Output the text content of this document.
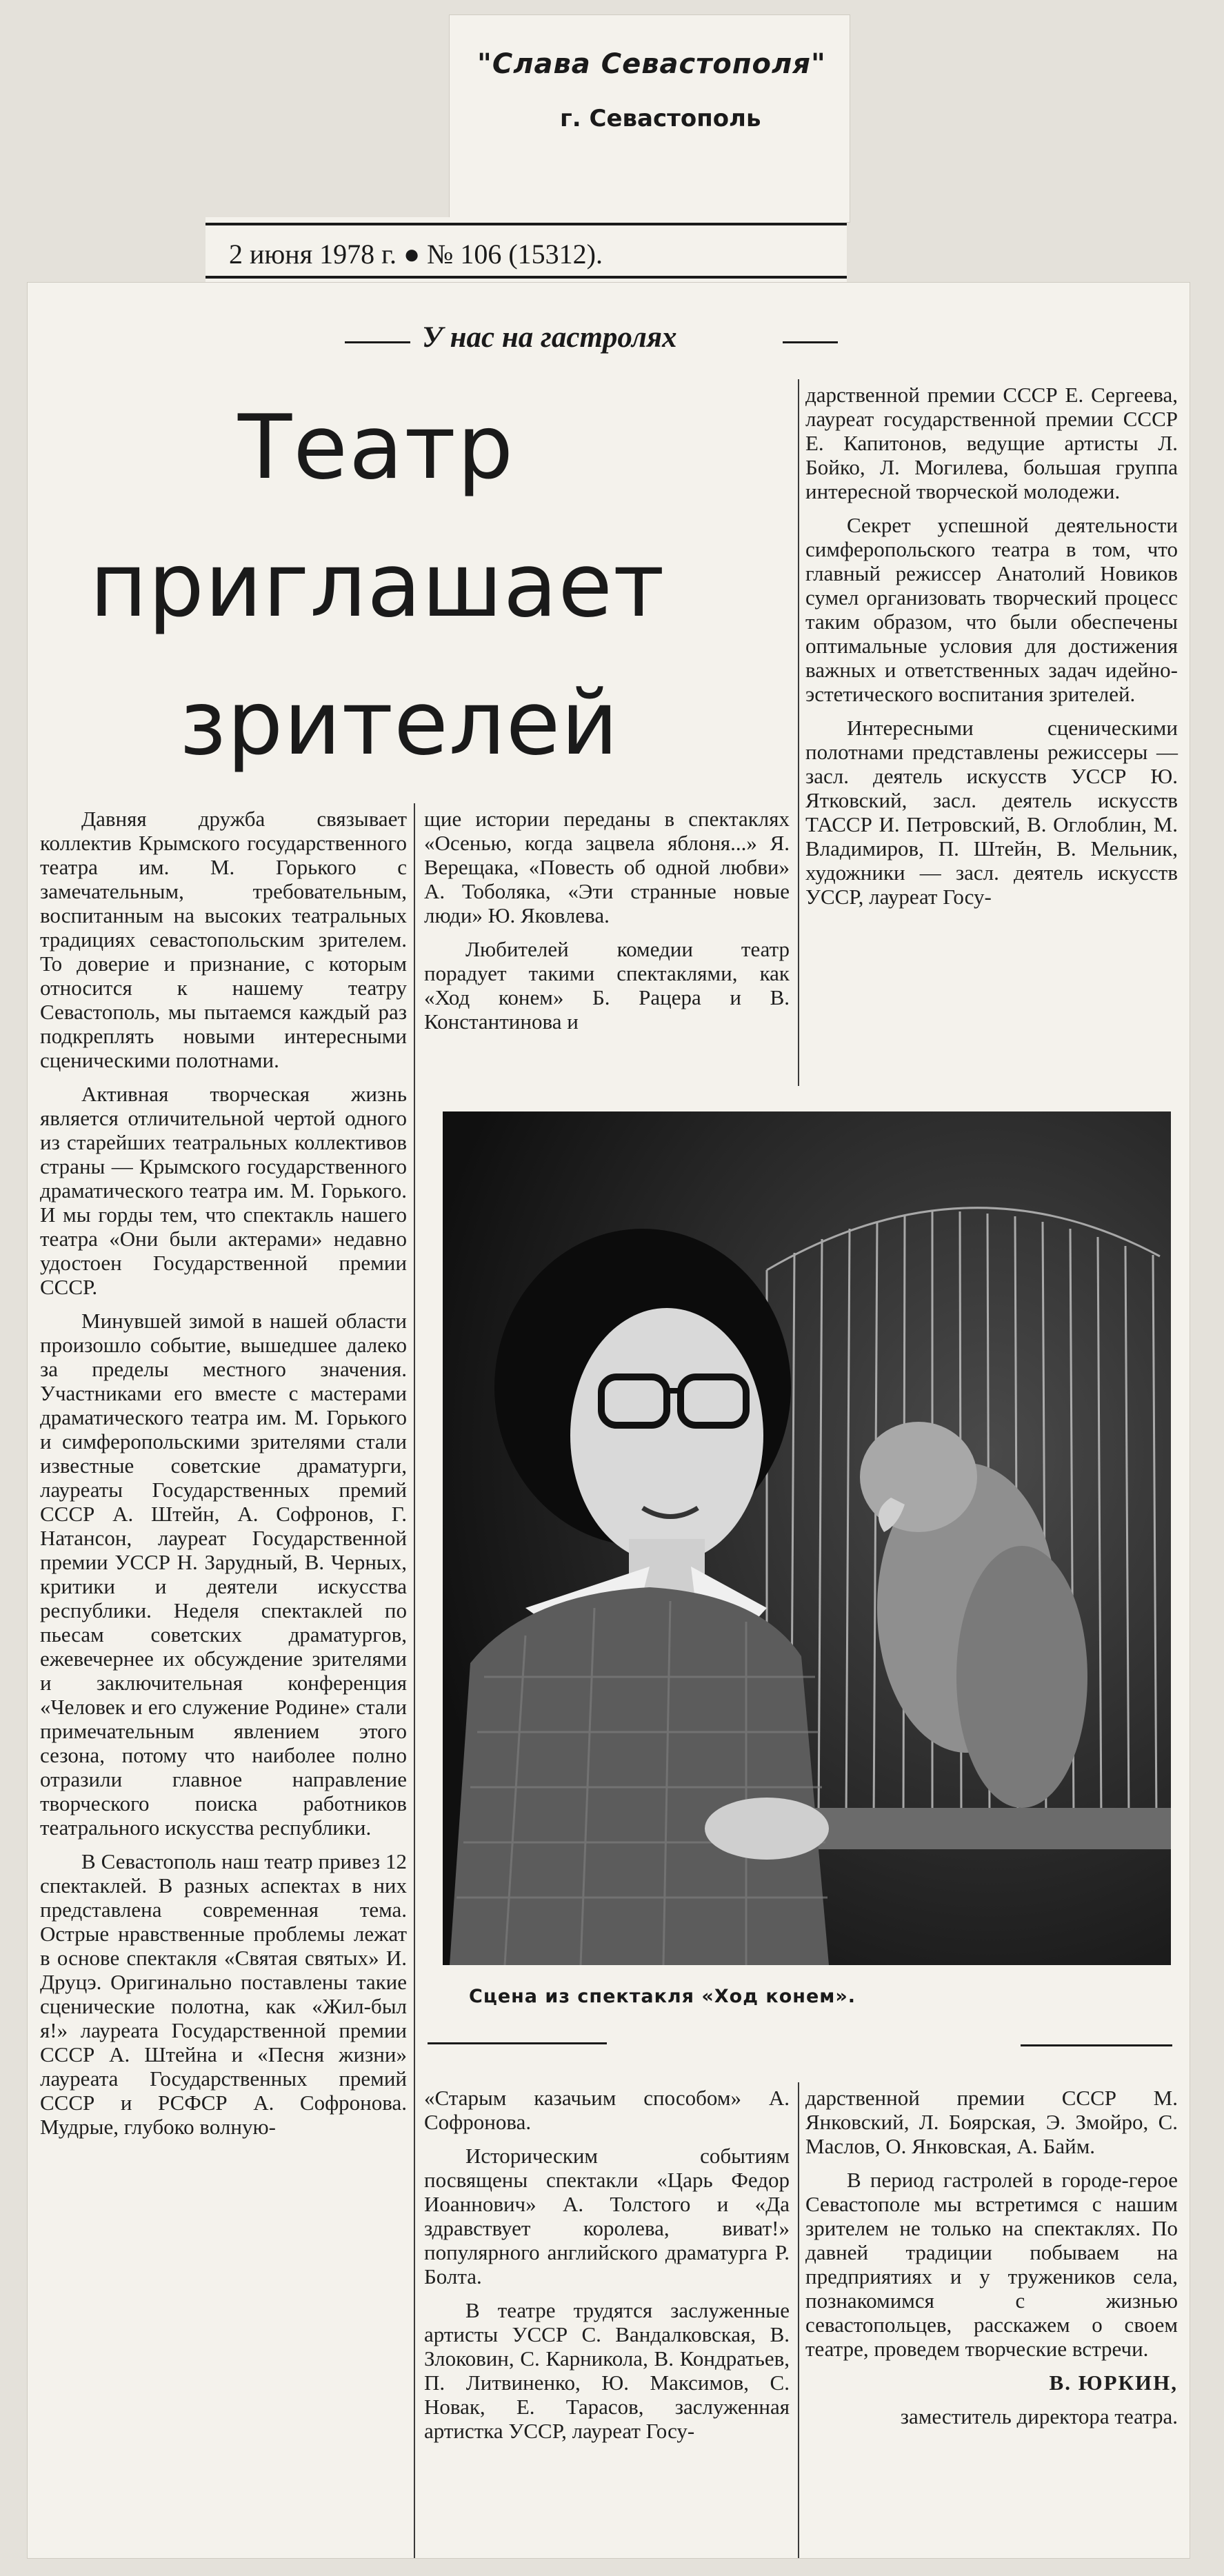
"Слава Севастополя"
г. Севастополь
2 июня 1978 г. ● № 106 (15312).
У нас на гастролях
Театр
приглашает
зрителей

Давняя дружба связывает коллектив Крымского государственного театра им. М. Горького с замечательным, требовательным, воспитанным на высоких театральных традициях севастопольским зрителем. То доверие и признание, с которым относится к нашему театру Севастополь, мы пытаемся каждый раз подкреплять новыми интересными сценическими полотнами.

Активная творческая жизнь является отличительной чертой одного из старейших театральных коллективов страны — Крымского государственного драматического театра им. М. Горького. И мы горды тем, что спектакль нашего театра «Они были актерами» недавно удостоен Государственной премии СССР.

Минувшей зимой в нашей области произошло событие, вышедшее далеко за пределы местного значения. Участниками его вместе с мастерами драматического театра им. М. Горького и симферопольскими зрителями стали известные советские драматурги, лауреаты Государственных премий СССР А. Штейн, А. Софронов, Г. Натансон, лауреат Государственной премии УССР Н. Зарудный, В. Черных, критики и деятели искусства республики. Неделя спектаклей по пьесам советских драматургов, ежевечернее их обсуждение зрителями и заключительная конференция «Человек и его служение Родине» стали примечательным явлением этого сезона, потому что наиболее полно отразили главное направление творческого поиска работников театрального искусства республики.

В Севастополь наш театр привез 12 спектаклей. В разных аспектах в них представлена современная тема. Острые нравственные проблемы лежат в основе спектакля «Святая святых» И. Друцэ. Оригинально поставлены такие сценические полотна, как «Жил-был я!» лауреата Государственной премии СССР А. Штейна и «Песня жизни» лауреата Государственных премий СССР и РСФСР А. Софронова. Мудрые, глубоко волную-

щие истории переданы в спектаклях «Осенью, когда зацвела яблоня...» Я. Верещака, «Повесть об одной любви» А. Тоболяка, «Эти странные новые люди» Ю. Яковлева.

Любителей комедии театр порадует такими спектаклями, как «Ход конем» Б. Рацера и В. Константинова и

дарственной премии СССР Е. Сергеева, лауреат государственной премии СССР Е. Капитонов, ведущие артисты Л. Бойко, Л. Могилева, большая группа интересной творческой молодежи.

Секрет успешной деятельности симферопольского театра в том, что главный режиссер Анатолий Новиков сумел организовать творческий процесс таким образом, что были обеспечены оптимальные условия для достижения важных и ответственных задач идейно-эстетического воспитания зрителей.

Интересными сценическими полотнами представлены режиссеры — засл. деятель искусств УССР Ю. Ятковский, засл. деятель искусств ТАССР И. Петровский, В. Оглоблин, М. Владимиров, П. Штейн, В. Мельник, художники — засл. деятель искусств УССР, лауреат Госу-

Сцена из спектакля «Ход конем».

«Старым казачьим способом» А. Софронова.

Историческим событиям посвящены спектакли «Царь Федор Иоаннович» А. Толстого и «Да здравствует королева, виват!» популярного английского драматурга Р. Болта.

В театре трудятся заслуженные артисты УССР С. Вандалковская, В. Злоковин, С. Карникола, В. Кондратьев, П. Литвиненко, Ю. Максимов, С. Новак, Е. Тарасов, заслуженная артистка УССР, лауреат Госу-

дарственной премии СССР М. Янковский, Л. Боярская, Э. Змойро, С. Маслов, О. Янковская, А. Байм.

В период гастролей в городе-герое Севастополе мы встретимся с нашим зрителем не только на спектаклях. По давней традиции побываем на предприятиях и у тружеников села, познакомимся с жизнью севастопольцев, расскажем о своем театре, проведем творческие встречи.

В. ЮРКИН,

заместитель директора театра.
